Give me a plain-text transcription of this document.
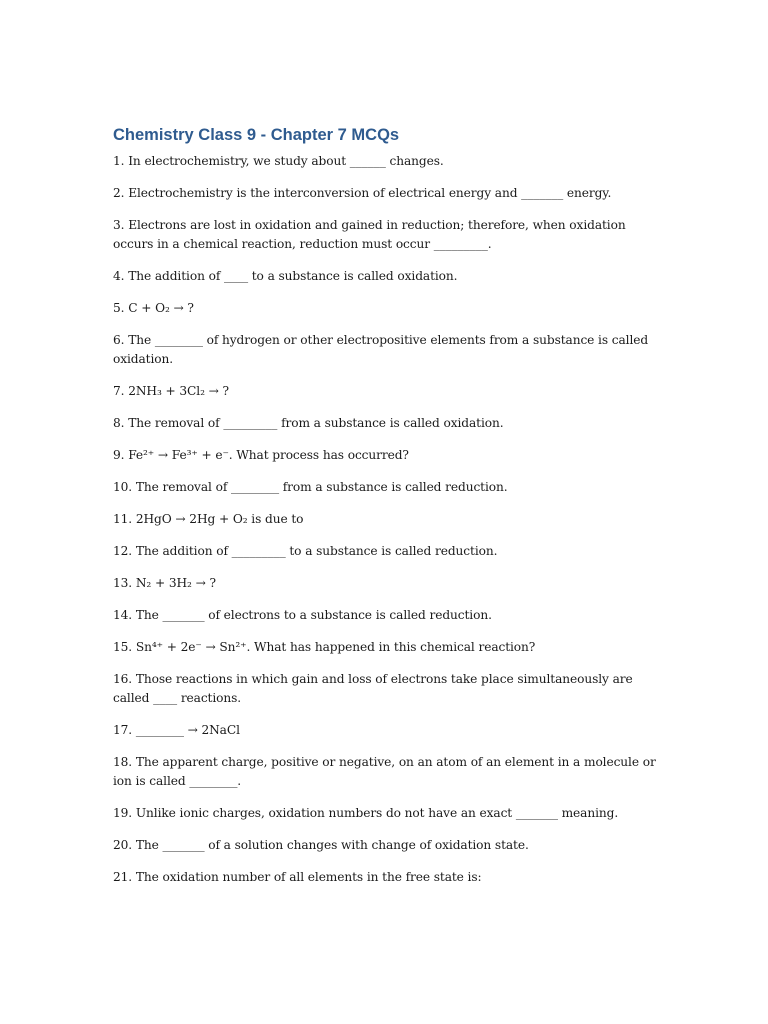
Chemistry Class 9 - Chapter 7 MCQs

1. In electrochemistry, we study about ______ changes.

2. Electrochemistry is the interconversion of electrical energy and _______ energy.

3. Electrons are lost in oxidation and gained in reduction; therefore, when oxidation occurs in a chemical reaction, reduction must occur _________.

4. The addition of ____ to a substance is called oxidation.

5. C + O₂ → ?

6. The ________ of hydrogen or other electropositive elements from a substance is called oxidation.

7. 2NH₃ + 3Cl₂ → ?

8. The removal of _________ from a substance is called oxidation.

9. Fe²⁺ → Fe³⁺ + e⁻. What process has occurred?

10. The removal of ________ from a substance is called reduction.

11. 2HgO → 2Hg + O₂ is due to

12. The addition of _________ to a substance is called reduction.

13. N₂ + 3H₂ → ?

14. The _______ of electrons to a substance is called reduction.

15. Sn⁴⁺ + 2e⁻ → Sn²⁺. What has happened in this chemical reaction?

16. Those reactions in which gain and loss of electrons take place simultaneously are called ____ reactions.

17. ________ → 2NaCl

18. The apparent charge, positive or negative, on an atom of an element in a molecule or ion is called ________.

19. Unlike ionic charges, oxidation numbers do not have an exact _______ meaning.

20. The _______ of a solution changes with change of oxidation state.

21. The oxidation number of all elements in the free state is:
